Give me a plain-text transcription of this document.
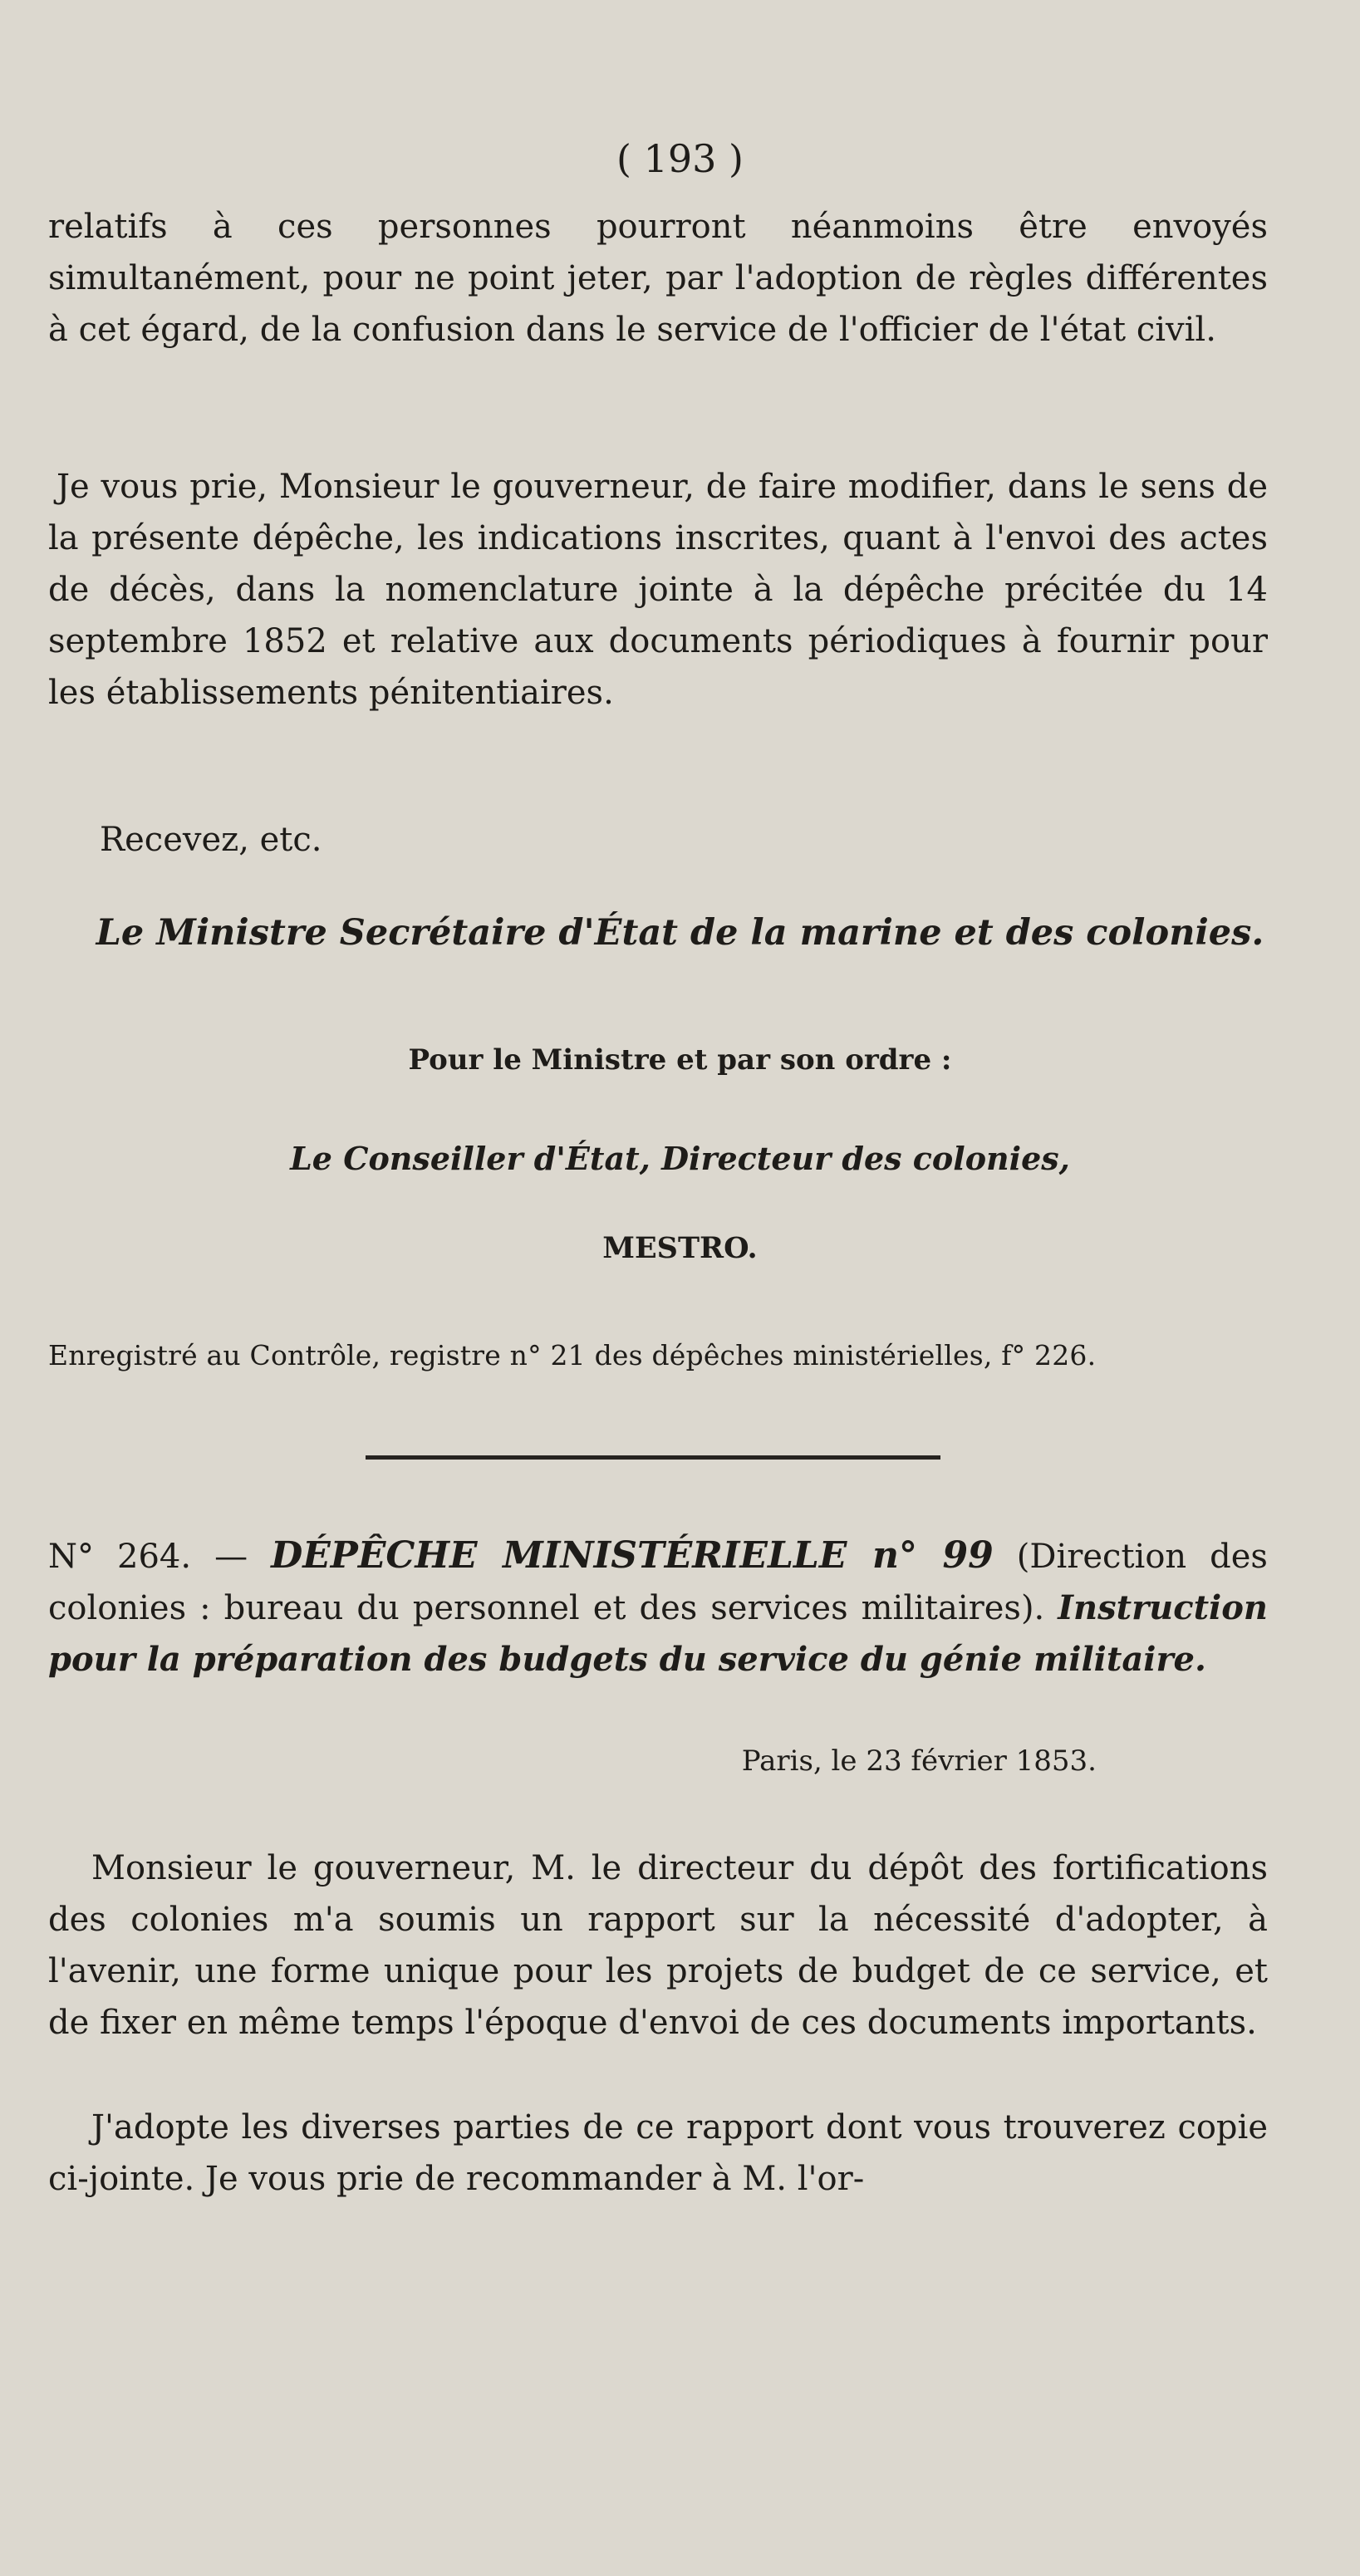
( 193 )
relatifs à ces personnes pourront néanmoins être envoyés simultanément, pour ne point jeter, par l'adoption de règles différentes à cet égard, de la confusion dans le service de l'officier de l'état civil.
Je vous prie, Monsieur le gouverneur, de faire modifier, dans le sens de la présente dépêche, les indications inscrites, quant à l'envoi des actes de décès, dans la nomenclature jointe à la dépêche précitée du 14 septembre 1852 et relative aux documents périodiques à fournir pour les établissements pénitentiaires.
Recevez, etc.
Le Ministre Secrétaire d'État de la marine et des colonies.
Pour le Ministre et par son ordre :
Le Conseiller d'État, Directeur des colonies,
MESTRO.
Enregistré au Contrôle, registre n° 21 des dépêches ministérielles, f° 226.
N° 264. — DÉPÊCHE MINISTÉRIELLE n° 99 (Direction des colonies : bureau du personnel et des services militaires). Instruction pour la préparation des budgets du service du génie militaire.
Paris, le 23 février 1853.
Monsieur le gouverneur, M. le directeur du dépôt des fortifications des colonies m'a soumis un rapport sur la nécessité d'adopter, à l'avenir, une forme unique pour les projets de budget de ce service, et de fixer en même temps l'époque d'envoi de ces documents importants.
J'adopte les diverses parties de ce rapport dont vous trouverez copie ci-jointe. Je vous prie de recommander à M. l'or-
